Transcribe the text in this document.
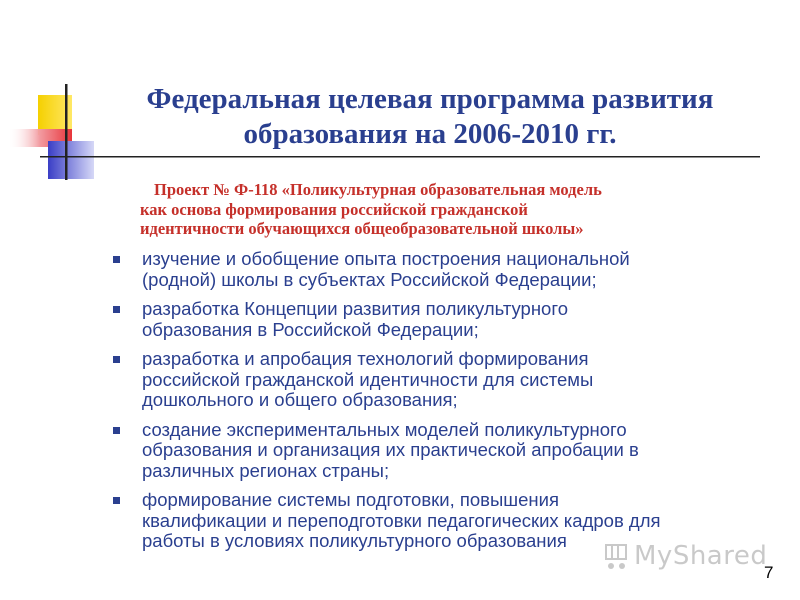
Федеральная целевая программа развития
образования на 2006-2010 гг.
Проект № Ф-118 «Поликультурная образовательная модель
как основа формирования российской гражданской
идентичности обучающихся общеобразовательной школы»
изучение и обобщение опыта построения национальной
(родной) школы в субъектах Российской Федерации;
разработка Концепции развития поликультурного
образования в Российской Федерации;
разработка и апробация технологий формирования
российской гражданской идентичности для системы
дошкольного и общего образования;
создание экспериментальных моделей поликультурного
образования и организация их практической апробации в
различных регионах страны;
формирование системы подготовки, повышения
квалификации и переподготовки педагогических кадров для
работы в условиях поликультурного образования
MyShared
7
